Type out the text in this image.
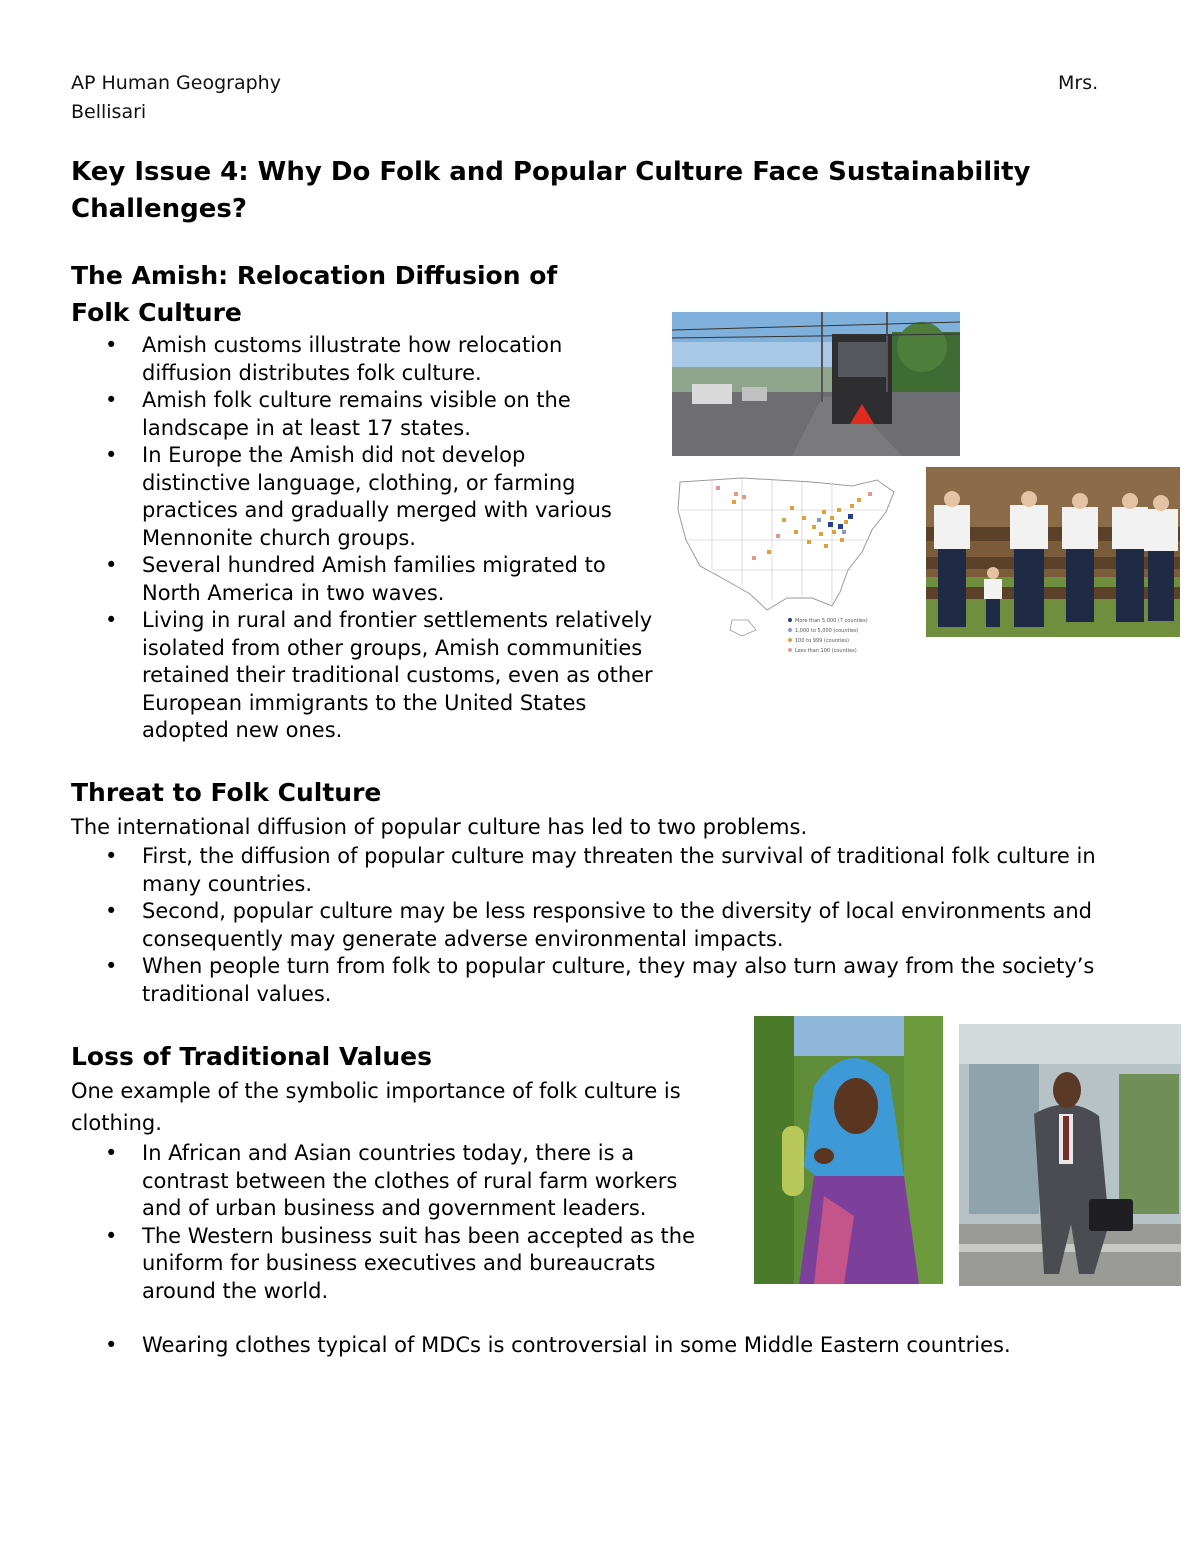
AP Human Geography	Mrs.
Bellisari
Key Issue 4: Why Do Folk and Popular Culture Face Sustainability Challenges?
The Amish: Relocation Diffusion of
Folk Culture
• Amish customs illustrate how relocation diffusion distributes folk culture.
• Amish folk culture remains visible on the landscape in at least 17 states.
• In Europe the Amish did not develop distinctive language, clothing, or farming practices and gradually merged with various Mennonite church groups.
• Several hundred Amish families migrated to North America in two waves.
• Living in rural and frontier settlements relatively isolated from other groups, Amish communities retained their traditional customs, even as other European immigrants to the United States adopted new ones.
More than 5,000 (7 counties)
1,000 to 5,000 (counties)
100 to 999 (counties)
Less than 100 (counties)
Threat to Folk Culture

The international diffusion of popular culture has led to two problems.

• First, the diffusion of popular culture may threaten the survival of traditional folk culture in many countries.
• Second, popular culture may be less responsive to the diversity of local environments and consequently may generate adverse environmental impacts.
• When people turn from folk to popular culture, they may also turn away from the society’s traditional values.
Loss of Traditional Values

One example of the symbolic importance of folk culture is clothing.

• In African and Asian countries today, there is a contrast between the clothes of rural farm workers and of urban business and government leaders.
• The Western business suit has been accepted as the uniform for business executives and bureaucrats around the world.
• Wearing clothes typical of MDCs is controversial in some Middle Eastern countries.
